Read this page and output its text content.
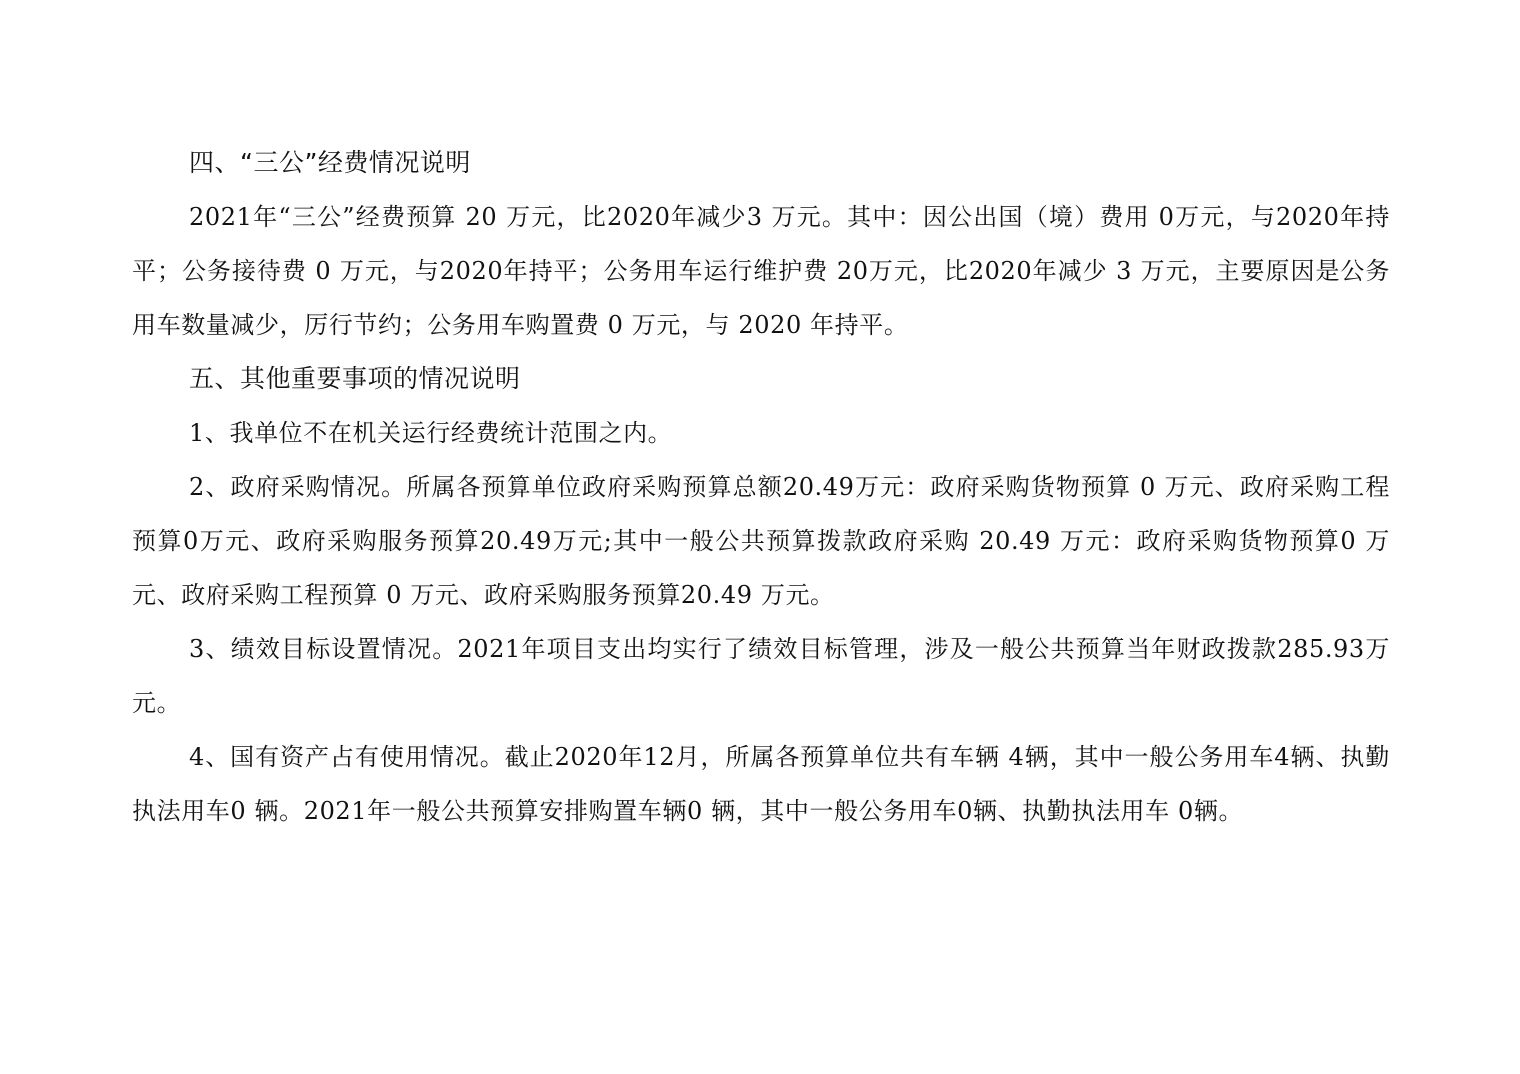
四、“三公”经费情况说明

2021年“三公”经费预算 20 万元，比2020年减少3 万元。其中：因公出国（境）费用 0万元，与2020年持平；公务接待费 0 万元，与2020年持平；公务用车运行维护费 20万元，比2020年减少 3 万元，主要原因是公务用车数量减少，厉行节约；公务用车购置费 0 万元，与 2020 年持平。

五、其他重要事项的情况说明

1、我单位不在机关运行经费统计范围之内。

2、政府采购情况。所属各预算单位政府采购预算总额20.49万元：政府采购货物预算 0 万元、政府采购工程预算0万元、政府采购服务预算20.49万元;其中一般公共预算拨款政府采购 20.49 万元：政府采购货物预算0 万元、政府采购工程预算 0 万元、政府采购服务预算20.49 万元。

3、绩效目标设置情况。2021年项目支出均实行了绩效目标管理，涉及一般公共预算当年财政拨款285.93万元。

4、国有资产占有使用情况。截止2020年12月，所属各预算单位共有车辆 4辆，其中一般公务用车4辆、执勤执法用车0 辆。2021年一般公共预算安排购置车辆0 辆，其中一般公务用车0辆、执勤执法用车 0辆。
